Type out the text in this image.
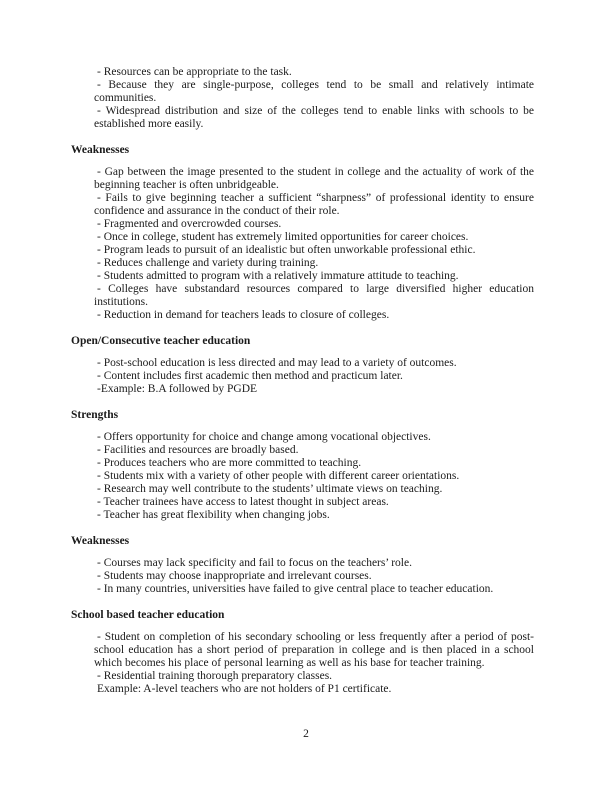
- Resources can be appropriate to the task.

- Because they are single-purpose, colleges tend to be small and relatively intimate communities.

- Widespread distribution and size of the colleges tend to enable links with schools to be established more easily.

Weaknesses

- Gap between the image presented to the student in college and the actuality of work of the beginning teacher is often unbridgeable.

- Fails to give beginning teacher a sufficient “sharpness” of professional identity to ensure confidence and assurance in the conduct of their role.

- Fragmented and overcrowded courses.

- Once in college, student has extremely limited opportunities for career choices.

- Program leads to pursuit of an idealistic but often unworkable professional ethic.

- Reduces challenge and variety during training.

- Students admitted to program with a relatively immature attitude to teaching.

- Colleges have substandard resources compared to large diversified higher education institutions.

- Reduction in demand for teachers leads to closure of colleges.

Open/Consecutive teacher education

- Post-school education is less directed and may lead to a variety of outcomes.

- Content includes first academic then method and practicum later.

-Example: B.A followed by PGDE

Strengths

- Offers opportunity for choice and change among vocational objectives.

- Facilities and resources are broadly based.

- Produces teachers who are more committed to teaching.

- Students mix with a variety of other people with different career orientations.

- Research may well contribute to the students’ ultimate views on teaching.

- Teacher trainees have access to latest thought in subject areas.

- Teacher has great flexibility when changing jobs.

Weaknesses

- Courses may lack specificity and fail to focus on the teachers’ role.

- Students may choose inappropriate and irrelevant courses.

- In many countries, universities have failed to give central place to teacher education.

School based teacher education

- Student on completion of his secondary schooling or less frequently after a period of post-school education has a short period of preparation in college and is then placed in a school which becomes his place of personal learning as well as his base for teacher training.

- Residential training thorough preparatory classes.

Example: A-level teachers who are not holders of P1 certificate.

2
